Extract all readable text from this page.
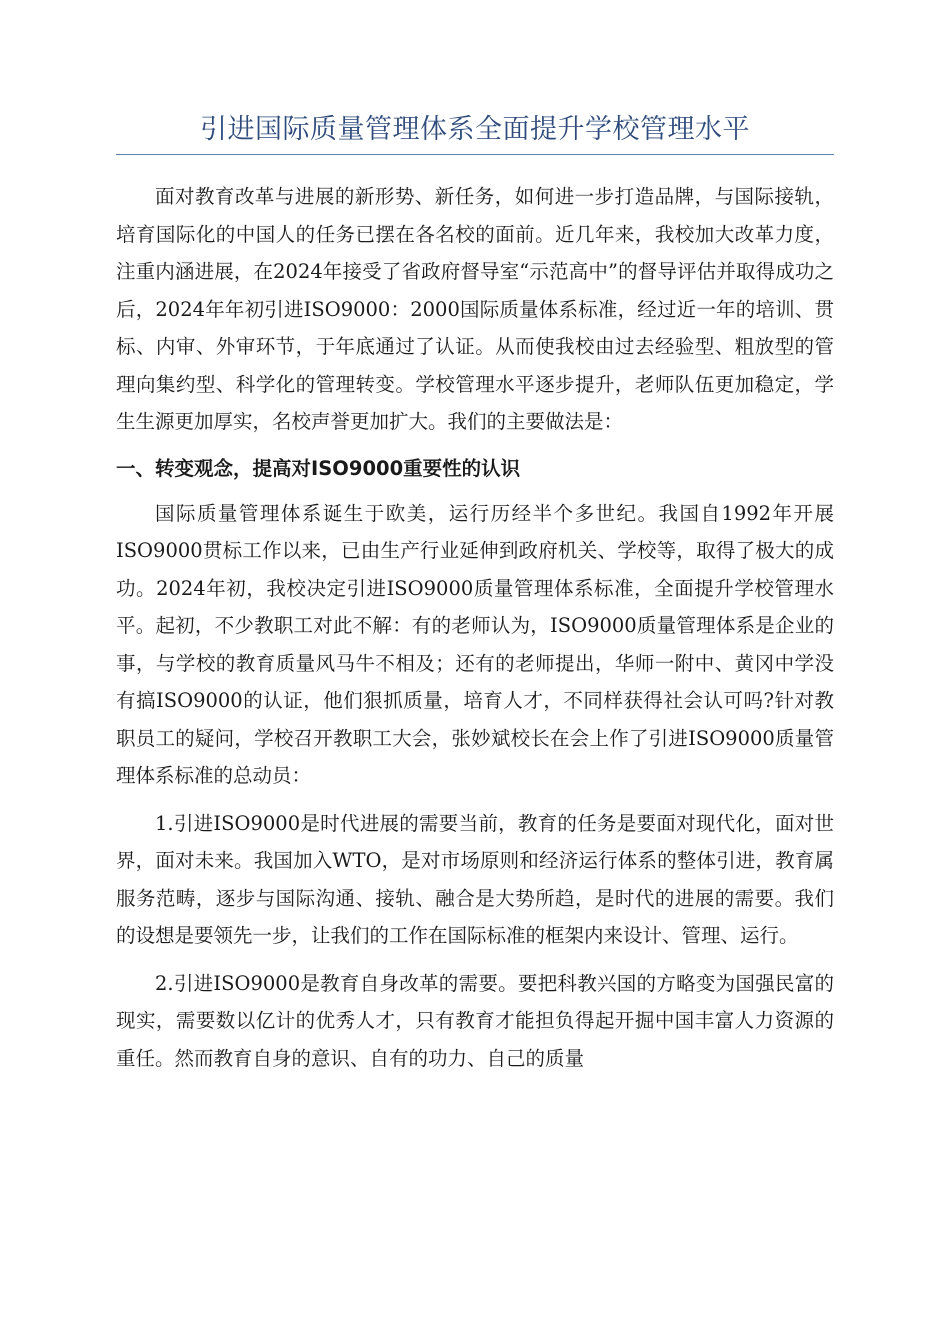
引进国际质量管理体系全面提升学校管理水平

面对教育改革与进展的新形势、新任务，如何进一步打造品牌，与国际接轨，培育国际化的中国人的任务已摆在各名校的面前。近几年来，我校加大改革力度，注重内涵进展，在2024年接受了省政府督导室“示范高中”的督导评估并取得成功之后，2024年年初引进ISO9000：2000国际质量体系标准，经过近一年的培训、贯标、内审、外审环节，于年底通过了认证。从而使我校由过去经验型、粗放型的管理向集约型、科学化的管理转变。学校管理水平逐步提升，老师队伍更加稳定，学生生源更加厚实，名校声誉更加扩大。我们的主要做法是：

一、转变观念，提高对ISO9000重要性的认识

国际质量管理体系诞生于欧美，运行历经半个多世纪。我国自1992年开展ISO9000贯标工作以来，已由生产行业延伸到政府机关、学校等，取得了极大的成功。2024年初，我校决定引进ISO9000质量管理体系标准，全面提升学校管理水平。起初，不少教职工对此不解：有的老师认为，ISO9000质量管理体系是企业的事，与学校的教育质量风马牛不相及；还有的老师提出，华师一附中、黄冈中学没有搞ISO9000的认证，他们狠抓质量，培育人才，不同样获得社会认可吗?针对教职员工的疑问，学校召开教职工大会，张妙斌校长在会上作了引进ISO9000质量管理体系标准的总动员：

1.引进ISO9000是时代进展的需要当前，教育的任务是要面对现代化，面对世界，面对未来。我国加入WTO，是对市场原则和经济运行体系的整体引进，教育属服务范畴，逐步与国际沟通、接轨、融合是大势所趋，是时代的进展的需要。我们的设想是要领先一步，让我们的工作在国际标准的框架内来设计、管理、运行。

2.引进ISO9000是教育自身改革的需要。要把科教兴国的方略变为国强民富的现实，需要数以亿计的优秀人才，只有教育才能担负得起开掘中国丰富人力资源的重任。然而教育自身的意识、自有的功力、自己的质量
